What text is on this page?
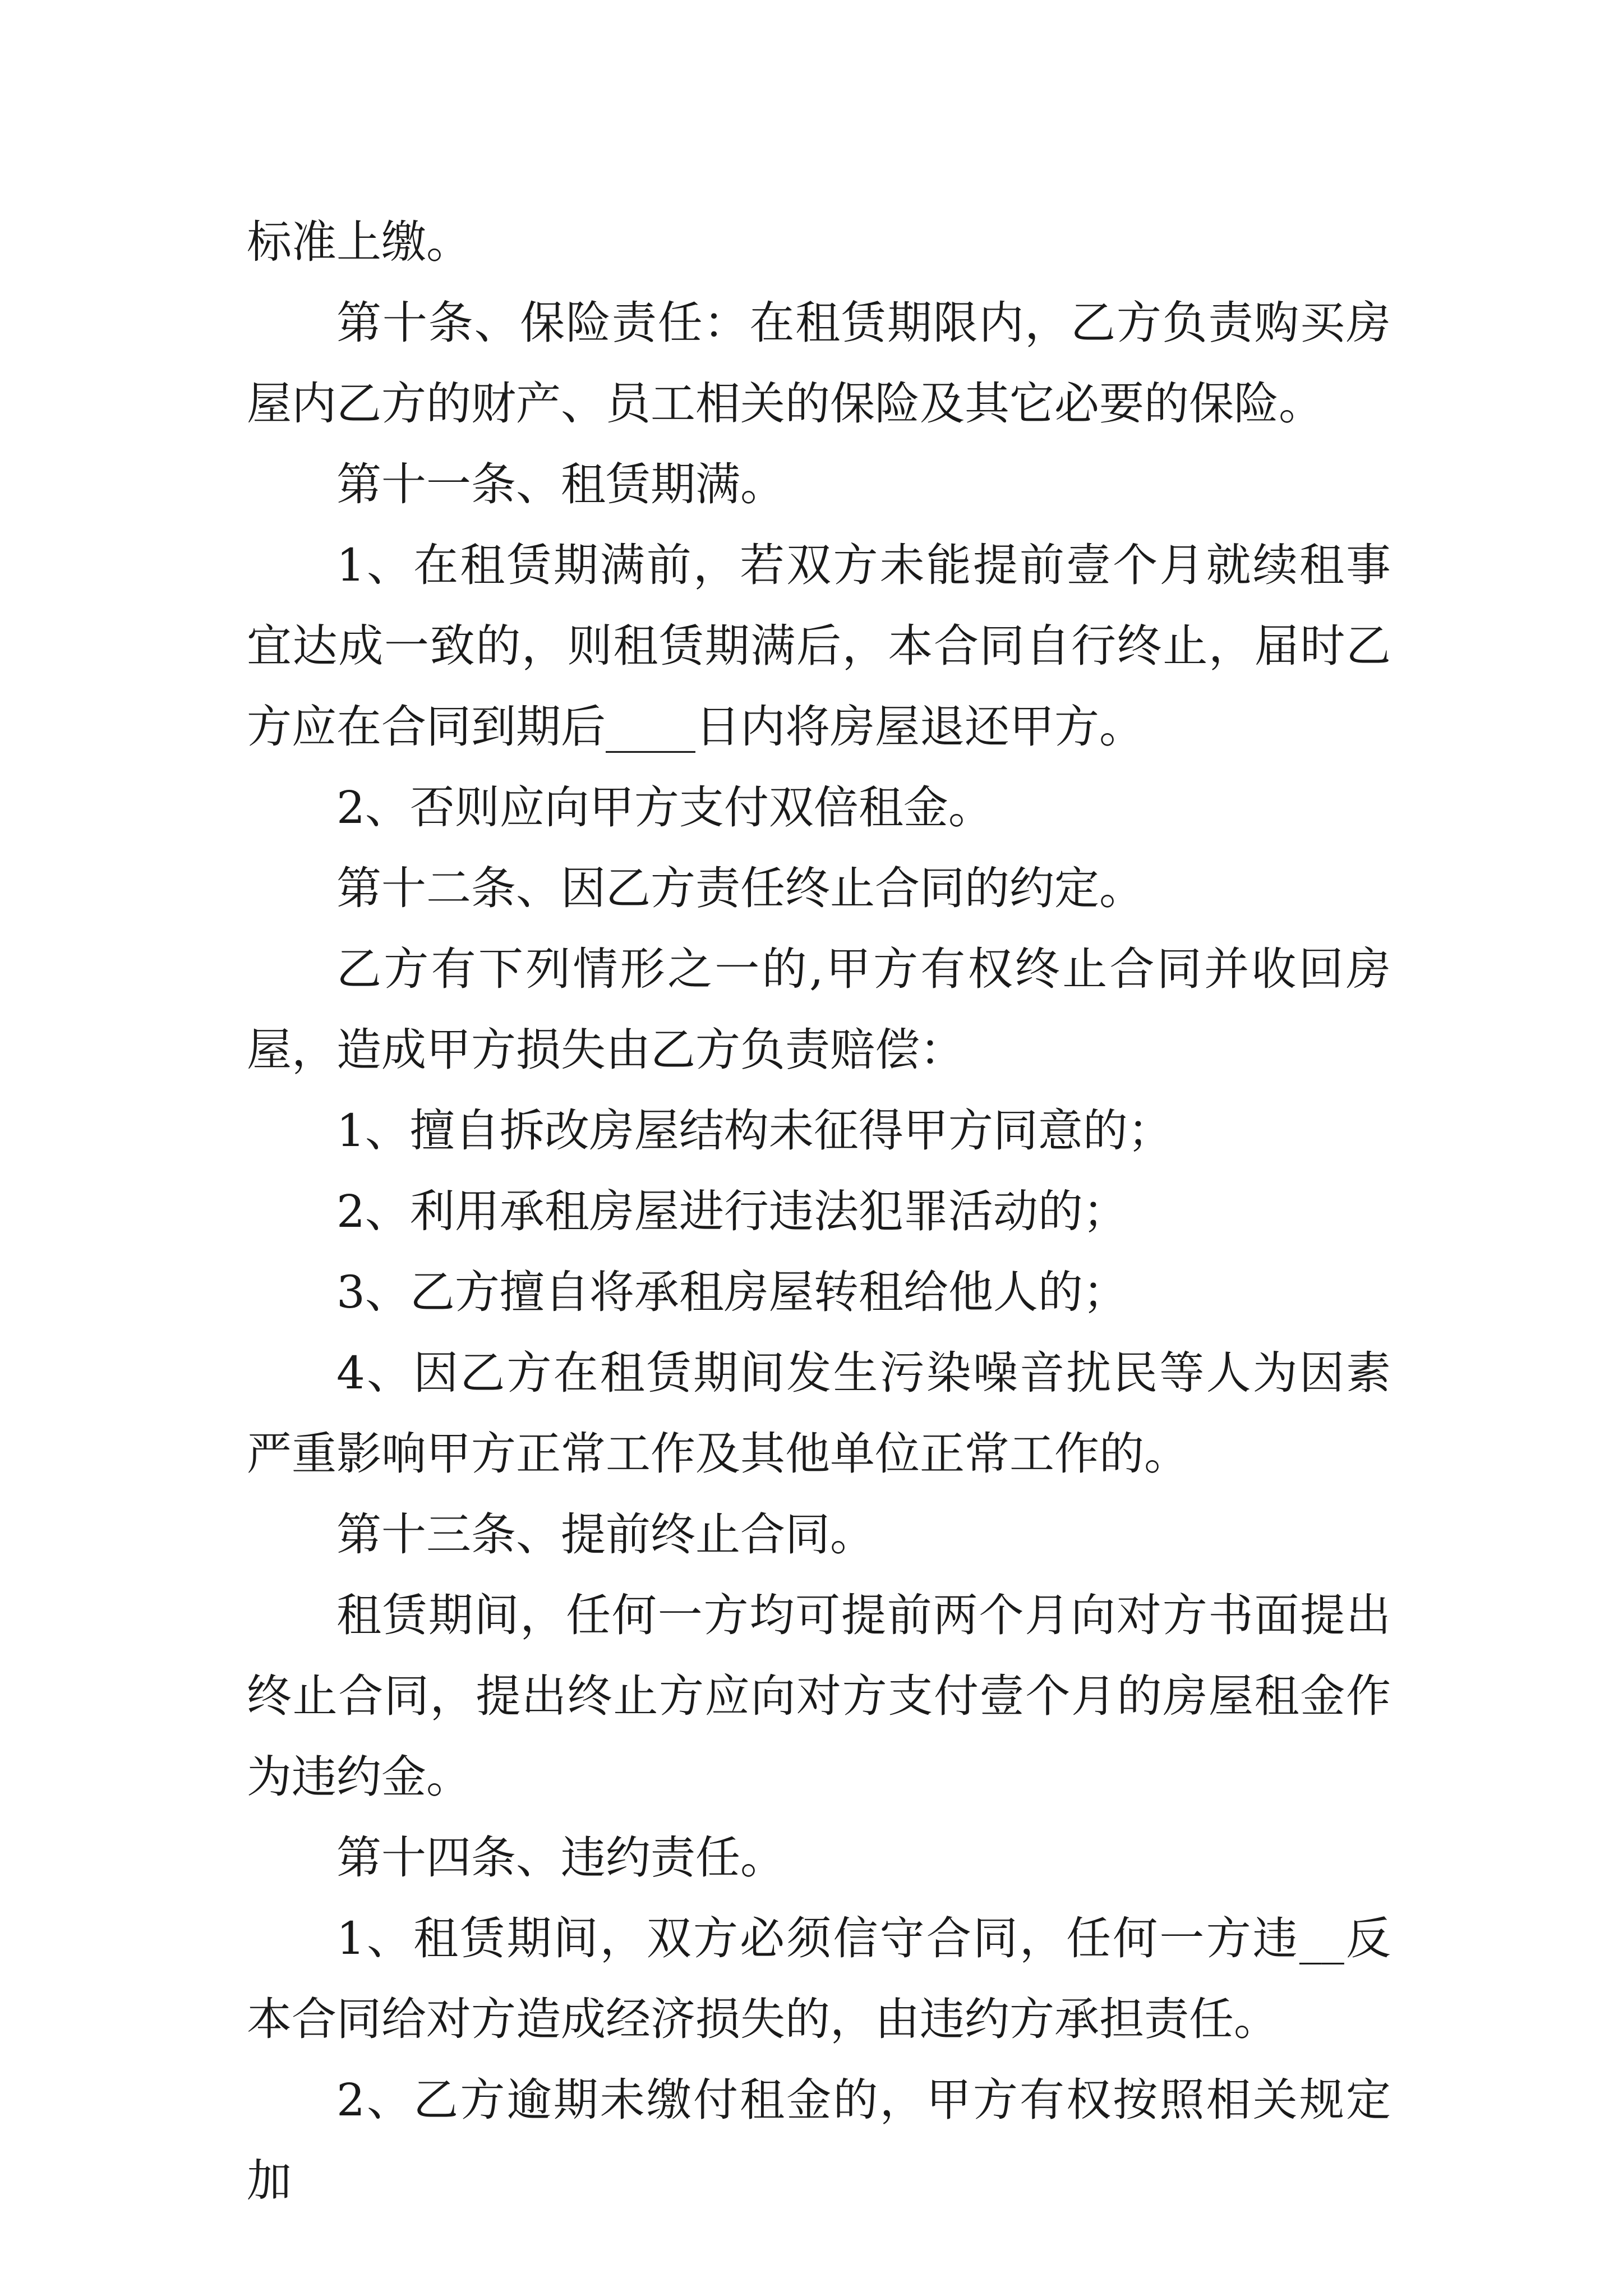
标准上缴。

第十条、保险责任：在租赁期限内，乙方负责购买房屋内乙方的财产、员工相关的保险及其它必要的保险。

第十一条、租赁期满。

1、在租赁期满前，若双方未能提前壹个月就续租事宜达成一致的，则租赁期满后，本合同自行终止，届时乙方应在合同到期后____日内将房屋退还甲方。

2、否则应向甲方支付双倍租金。

第十二条、因乙方责任终止合同的约定。

乙方有下列情形之一的,甲方有权终止合同并收回房屋，造成甲方损失由乙方负责赔偿：

1、擅自拆改房屋结构未征得甲方同意的；

2、利用承租房屋进行违法犯罪活动的；

3、乙方擅自将承租房屋转租给他人的；

4、因乙方在租赁期间发生污染噪音扰民等人为因素严重影响甲方正常工作及其他单位正常工作的。

第十三条、提前终止合同。

租赁期间，任何一方均可提前两个月向对方书面提出终止合同，提出终止方应向对方支付壹个月的房屋租金作为违约金。

第十四条、违约责任。

1、租赁期间，双方必须信守合同，任何一方违__反本合同给对方造成经济损失的，由违约方承担责任。

2、乙方逾期未缴付租金的，甲方有权按照相关规定加
